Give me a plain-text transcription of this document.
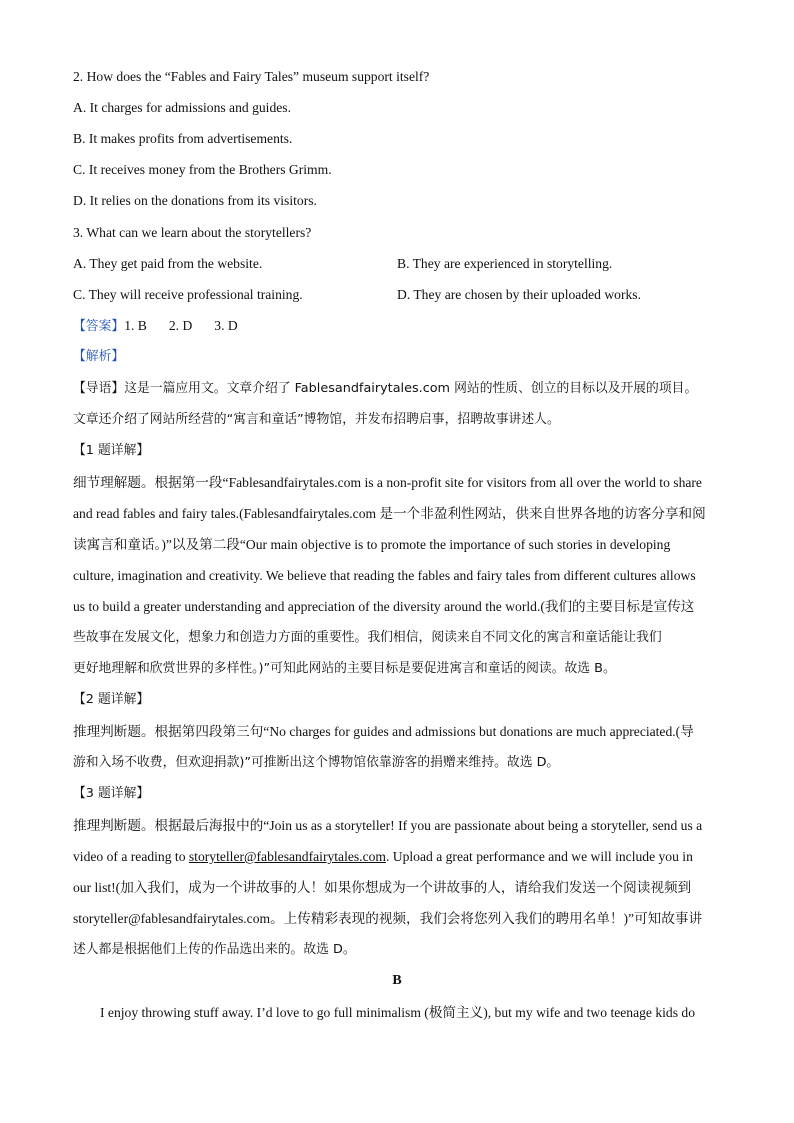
2. How does the “Fables and Fairy Tales” museum support itself?
A. It charges for admissions and guides.
B. It makes profits from advertisements.
C. It receives money from the Brothers Grimm.
D. It relies on the donations from its visitors.
3. What can we learn about the storytellers?
A. They get paid from the website.	B. They are experienced in storytelling.
C. They will receive professional training.	D. They are chosen by their uploaded works.
【答案】1. B 2. D 3. D
【解析】
【导语】这是一篇应用文。文章介绍了 Fablesandfairytales.com 网站的性质、创立的目标以及开展的项目。
文章还介绍了网站所经营的“寓言和童话”博物馆，并发布招聘启事，招聘故事讲述人。
【1 题详解】
细节理解题。根据第一段“Fablesandfairytales.com is a non-profit site for visitors from all over the world to share
and read fables and fairy tales.(Fablesandfairytales.com 是一个非盈利性网站，供来自世界各地的访客分享和阅
读寓言和童话。)”以及第二段“Our main objective is to promote the importance of such stories in developing
culture, imagination and creativity. We believe that reading the fables and fairy tales from different cultures allows
us to build a greater understanding and appreciation of the diversity around the world.(我们的主要目标是宣传这
些故事在发展文化，想象力和创造力方面的重要性。我们相信，阅读来自不同文化的寓言和童话能让我们
更好地理解和欣赏世界的多样性。)”可知此网站的主要目标是要促进寓言和童话的阅读。故选 B。
【2 题详解】
推理判断题。根据第四段第三句“No charges for guides and admissions but donations are much appreciated.(导
游和入场不收费，但欢迎捐款)”可推断出这个博物馆依靠游客的捐赠来维持。故选 D。
【3 题详解】
推理判断题。根据最后海报中的“Join us as a storyteller! If you are passionate about being a storyteller, send us a
video of a reading to storyteller@fablesandfairytales.com. Upload a great performance and we will include you in
our list!(加入我们，成为一个讲故事的人！如果你想成为一个讲故事的人，请给我们发送一个阅读视频到
storyteller@fablesandfairytales.com。上传精彩表现的视频，我们会将您列入我们的聘用名单！)”可知故事讲
述人都是根据他们上传的作品选出来的。故选 D。
B
I enjoy throwing stuff away. I’d love to go full minimalism (极简主义), but my wife and two teenage kids do
